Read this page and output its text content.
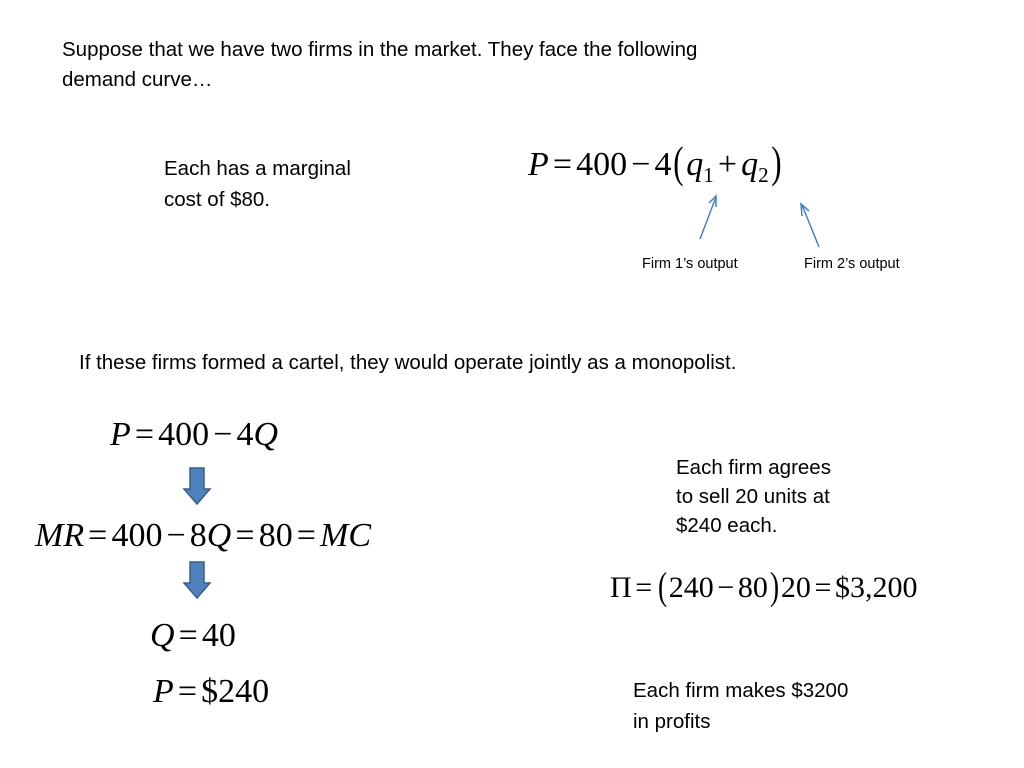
Suppose that we have two firms in the market. They face the following
demand curve…
Each has a marginal
cost of $80.
$P = 400 - 4(q_1 + q_2)$
Firm 1’s output	Firm 2’s output
If these firms formed a cartel, they would operate jointly as a monopolist.
P = 400 − 4Q
MR = 400 − 8Q = 80 = MC
Q = 40
P = $240
Each firm agrees
to sell 20 units at
$240 each.
Π = (240 − 80)20 = $3,200
Each firm makes $3200
in profits
